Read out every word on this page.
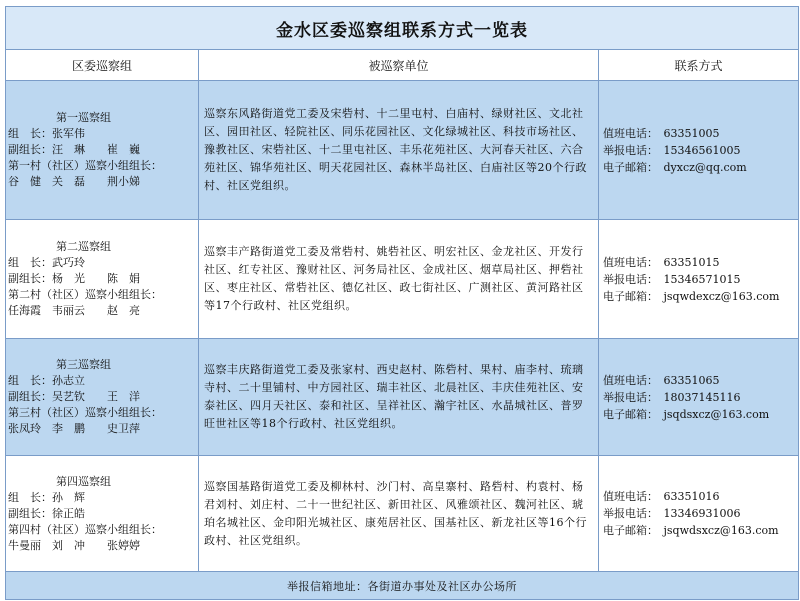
金水区委巡察组联系方式一览表
区委巡察组	被巡察单位	联系方式
第一巡察组
组　长：张军伟
副组长：汪　琳　　崔　巍
第一村（社区）巡察小组组长：
谷　健　关　磊　　荆小娣
巡察东风路街道党工委及宋砦村、十二里屯村、白庙村、绿财社区、文北社区、园田社区、轻院社区、同乐花园社区、文化绿城社区、科技市场社区、豫教社区、宋砦社区、十二里屯社区、丰乐花苑社区、大河春天社区、六合苑社区、锦华苑社区、明天花园社区、森林半岛社区、白庙社区等20个行政村、社区党组织。
值班电话：　63351005
举报电话：　15346561005
电子邮箱：　dyxcz@qq.com
第二巡察组
组　长：武巧玲
副组长：杨　光　　陈　娟
第二村（社区）巡察小组组长：
任海霞　韦丽云　　赵　亮
巡察丰产路街道党工委及常砦村、姚砦社区、明宏社区、金龙社区、开发行社区、红专社区、豫财社区、河务局社区、金成社区、烟草局社区、押砦社区、枣庄社区、常砦社区、德亿社区、政七街社区、广测社区、黄河路社区等17个行政村、社区党组织。
值班电话：　63351015
举报电话：　15346571015
电子邮箱：　jsqwdexcz@163.com
第三巡察组
组　长：孙志立
副组长：吴艺钦　　王　洋
第三村（社区）巡察小组组长：
张凤玲　李　鹏　　史卫萍
巡察丰庆路街道党工委及张家村、西史赵村、陈砦村、果村、庙李村、琉璃寺村、二十里铺村、中方园社区、瑞丰社区、北晨社区、丰庆佳苑社区、安泰社区、四月天社区、泰和社区、呈祥社区、瀚宇社区、水晶城社区、普罗旺世社区等18个行政村、社区党组织。
值班电话：　63351065
举报电话：　18037145116
电子邮箱：　jsqdsxcz@163.com
第四巡察组
组　长：孙　辉
副组长：徐正皓
第四村（社区）巡察小组组长：
牛曼丽　刘　冲　　张婷婷
巡察国基路街道党工委及柳林村、沙门村、高皇寨村、路砦村、杓袁村、杨君刘村、刘庄村、二十一世纪社区、新田社区、风雅颂社区、魏河社区、琥珀名城社区、金印阳光城社区、康苑居社区、国基社区、新龙社区等16个行政村、社区党组织。
值班电话：　63351016
举报电话：　13346931006
电子邮箱：　jsqwdsxcz@163.com
举报信箱地址：各街道办事处及社区办公场所
